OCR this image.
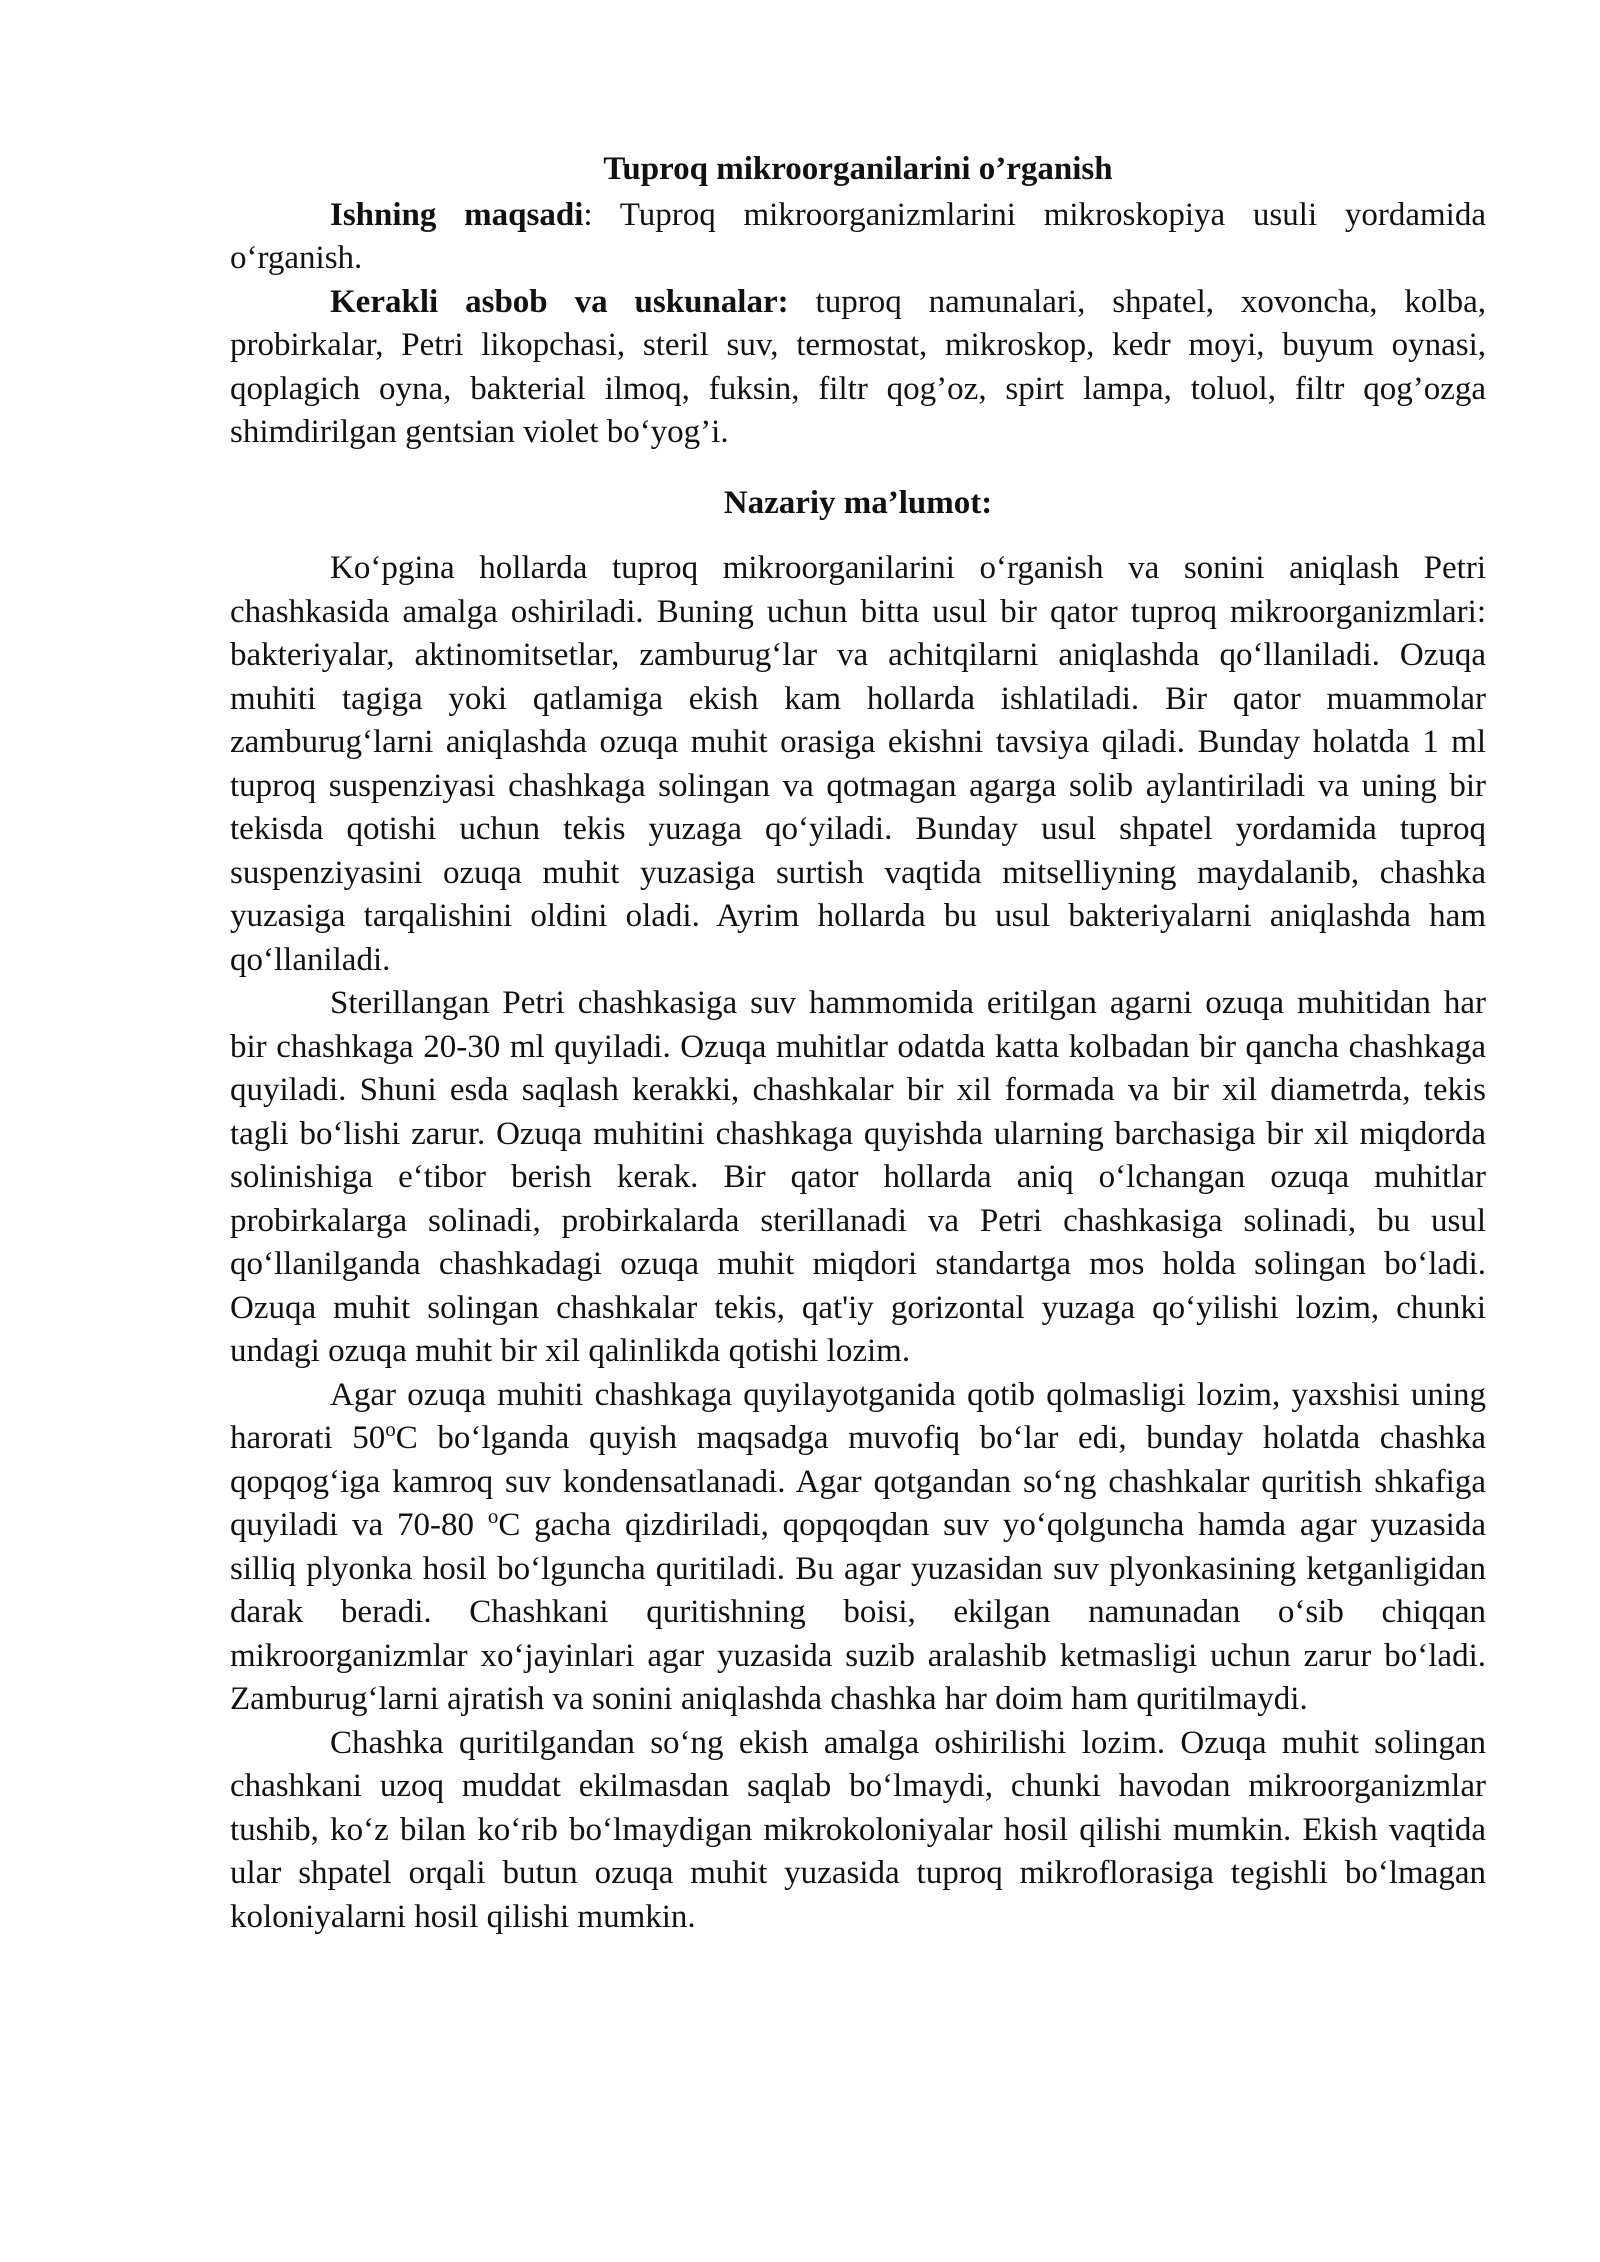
Tuproq mikroorganilarini o’rganish

Ishning maqsadi: Tuproq mikroorganizmlarini mikroskopiya usuli yordamida o‘rganish.

Kerakli asbob va uskunalar: tuproq namunalari, shpatel, xovoncha, kolba, probirkalar, Petri likopchasi, steril suv, termostat, mikroskop, kedr moyi, buyum oynasi, qoplagich oyna, bakterial ilmoq, fuksin, filtr qog’oz, spirt lampa, toluol, filtr qog’ozga shimdirilgan gentsian violet bo‘yog’i.

Nazariy ma’lumot:

Ko‘pgina hollarda tuproq mikroorganilarini o‘rganish va sonini aniqlash Petri chashkasida amalga oshiriladi. Buning uchun bitta usul bir qator tuproq mikroorganizmlari: bakteriyalar, aktinomitsetlar, zamburug‘lar va achitqilarni aniqlashda qo‘llaniladi. Ozuqa muhiti tagiga yoki qatlamiga ekish kam hollarda ishlatiladi. Bir qator muammolar zamburug‘larni aniqlashda ozuqa muhit orasiga ekishni tavsiya qiladi. Bunday holatda 1 ml tuproq suspenziyasi chashkaga solingan va qotmagan agarga solib aylantiriladi va uning bir tekisda qotishi uchun tekis yuzaga qo‘yiladi. Bunday usul shpatel yordamida tuproq suspenziyasini ozuqa muhit yuzasiga surtish vaqtida mitselliyning maydalanib, chashka yuzasiga tarqalishini oldini oladi. Ayrim hollarda bu usul bakteriyalarni aniqlashda ham qo‘llaniladi.

Sterillangan Petri chashkasiga suv hammomida eritilgan agarni ozuqa muhitidan har bir chashkaga 20-30 ml quyiladi. Ozuqa muhitlar odatda katta kolbadan bir qancha chashkaga quyiladi. Shuni esda saqlash kerakki, chashkalar bir xil formada va bir xil diametrda, tekis tagli bo‘lishi zarur. Ozuqa muhitini chashkaga quyishda ularning barchasiga bir xil miqdorda solinishiga e‘tibor berish kerak. Bir qator hollarda aniq o‘lchangan ozuqa muhitlar probirkalarga solinadi, probirkalarda sterillanadi va Petri chashkasiga solinadi, bu usul qo‘llanilganda chashkadagi ozuqa muhit miqdori standartga mos holda solingan bo‘ladi. Ozuqa muhit solingan chashkalar tekis, qat'iy gorizontal yuzaga qo‘yilishi lozim, chunki undagi ozuqa muhit bir xil qalinlikda qotishi lozim.

Agar ozuqa muhiti chashkaga quyilayotganida qotib qolmasligi lozim, yaxshisi uning harorati 50$^o$C bo‘lganda quyish maqsadga muvofiq bo‘lar edi, bunday holatda chashka qopqog‘iga kamroq suv kondensatlanadi. Agar qotgandan so‘ng chashkalar quritish shkafiga quyiladi va 70-80 $^o$C gacha qizdiriladi, qopqoqdan suv yo‘qolguncha hamda agar yuzasida silliq plyonka hosil bo‘lguncha quritiladi. Bu agar yuzasidan suv plyonkasining ketganligidan darak beradi. Chashkani quritishning boisi, ekilgan namunadan o‘sib chiqqan mikroorganizmlar xo‘jayinlari agar yuzasida suzib aralashib ketmasligi uchun zarur bo‘ladi. Zamburug‘larni ajratish va sonini aniqlashda chashka har doim ham quritilmaydi.

Chashka quritilgandan so‘ng ekish amalga oshirilishi lozim. Ozuqa muhit solingan chashkani uzoq muddat ekilmasdan saqlab bo‘lmaydi, chunki havodan mikroorganizmlar tushib, ko‘z bilan ko‘rib bo‘lmaydigan mikrokoloniyalar hosil qilishi mumkin. Ekish vaqtida ular shpatel orqali butun ozuqa muhit yuzasida tuproq mikroflorasiga tegishli bo‘lmagan koloniyalarni hosil qilishi mumkin.
